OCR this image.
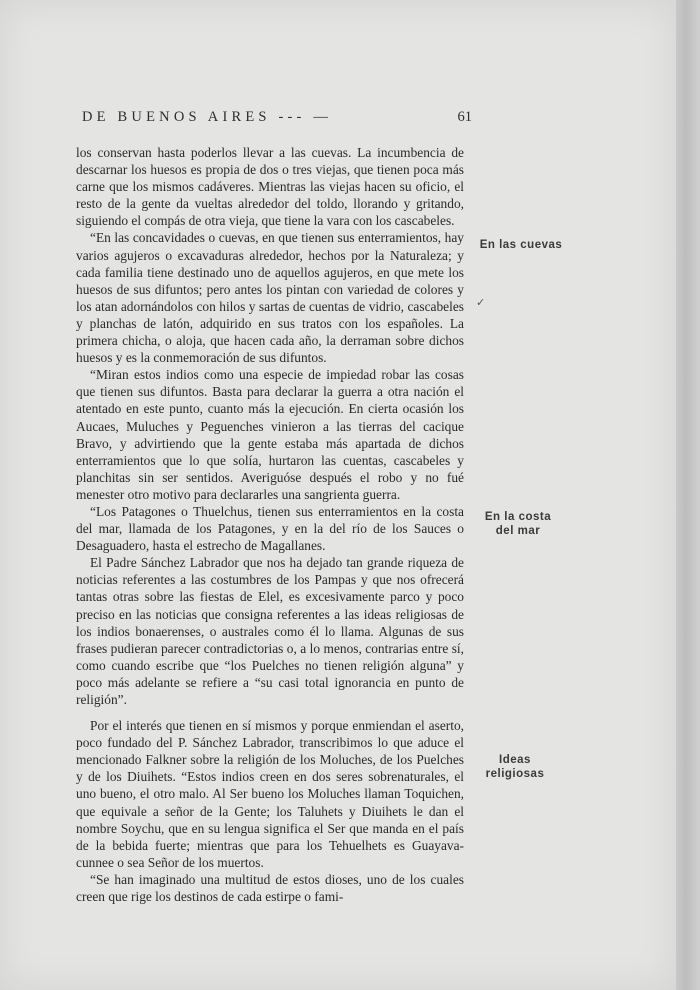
DE BUENOS AIRES --- —	61

los conservan hasta poderlos llevar a las cuevas. La incumbencia de descarnar los huesos es propia de dos o tres viejas, que tienen poca más carne que los mismos cadáveres. Mientras las viejas hacen su oficio, el resto de la gente da vueltas alrededor del toldo, llorando y gritando, siguiendo el compás de otra vieja, que tiene la vara con los cascabeles.

“En las concavidades o cuevas, en que tienen sus enterramientos, hay varios agujeros o excavaduras alrededor, hechos por la Naturaleza; y cada familia tiene destinado uno de aquellos agujeros, en que mete los huesos de sus difuntos; pero antes los pintan con variedad de colores y los atan adornándolos con hilos y sartas de cuentas de vidrio, cascabeles y planchas de latón, adquirido en sus tratos con los españoles. La primera chicha, o aloja, que hacen cada año, la derraman sobre dichos huesos y es la conmemoración de sus difuntos.

“Miran estos indios como una especie de impiedad robar las cosas que tienen sus difuntos. Basta para declarar la guerra a otra nación el atentado en este punto, cuanto más la ejecución. En cierta ocasión los Aucaes, Muluches y Peguenches vinieron a las tierras del cacique Bravo, y advirtiendo que la gente estaba más apartada de dichos enterramientos que lo que solía, hurtaron las cuentas, cascabeles y planchitas sin ser sentidos. Averiguóse después el robo y no fué menester otro motivo para declararles una sangrienta guerra.

“Los Patagones o Thuelchus, tienen sus enterramientos en la costa del mar, llamada de los Patagones, y en la del río de los Sauces o Desaguadero, hasta el estrecho de Magallanes.

El Padre Sánchez Labrador que nos ha dejado tan grande riqueza de noticias referentes a las costumbres de los Pampas y que nos ofrecerá tantas otras sobre las fiestas de Elel, es excesivamente parco y poco preciso en las noticias que consigna referentes a las ideas religiosas de los indios bonaerenses, o australes como él lo llama. Algunas de sus frases pudieran parecer contradictorias o, a lo menos, contrarias entre sí, como cuando escribe que “los Puelches no tienen religión alguna” y poco más adelante se refiere a “su casi total ignorancia en punto de religión”.

Por el interés que tienen en sí mismos y porque enmiendan el aserto, poco fundado del P. Sánchez Labrador, transcribimos lo que aduce el mencionado Falkner sobre la religión de los Moluches, de los Puelches y de los Diuihets. “Estos indios creen en dos seres sobrenaturales, el uno bueno, el otro malo. Al Ser bueno los Moluches llaman Toquichen, que equivale a señor de la Gente; los Taluhets y Diuihets le dan el nombre Soychu, que en su lengua significa el Ser que manda en el país de la bebida fuerte; mientras que para los Tehuelhets es Guayava-cunnee o sea Señor de los muertos.

“Se han imaginado una multitud de estos dioses, uno de los cuales creen que rige los destinos de cada estirpe o fami-

En las cuevas
En la costa del mar
Ideas religiosas
✓
